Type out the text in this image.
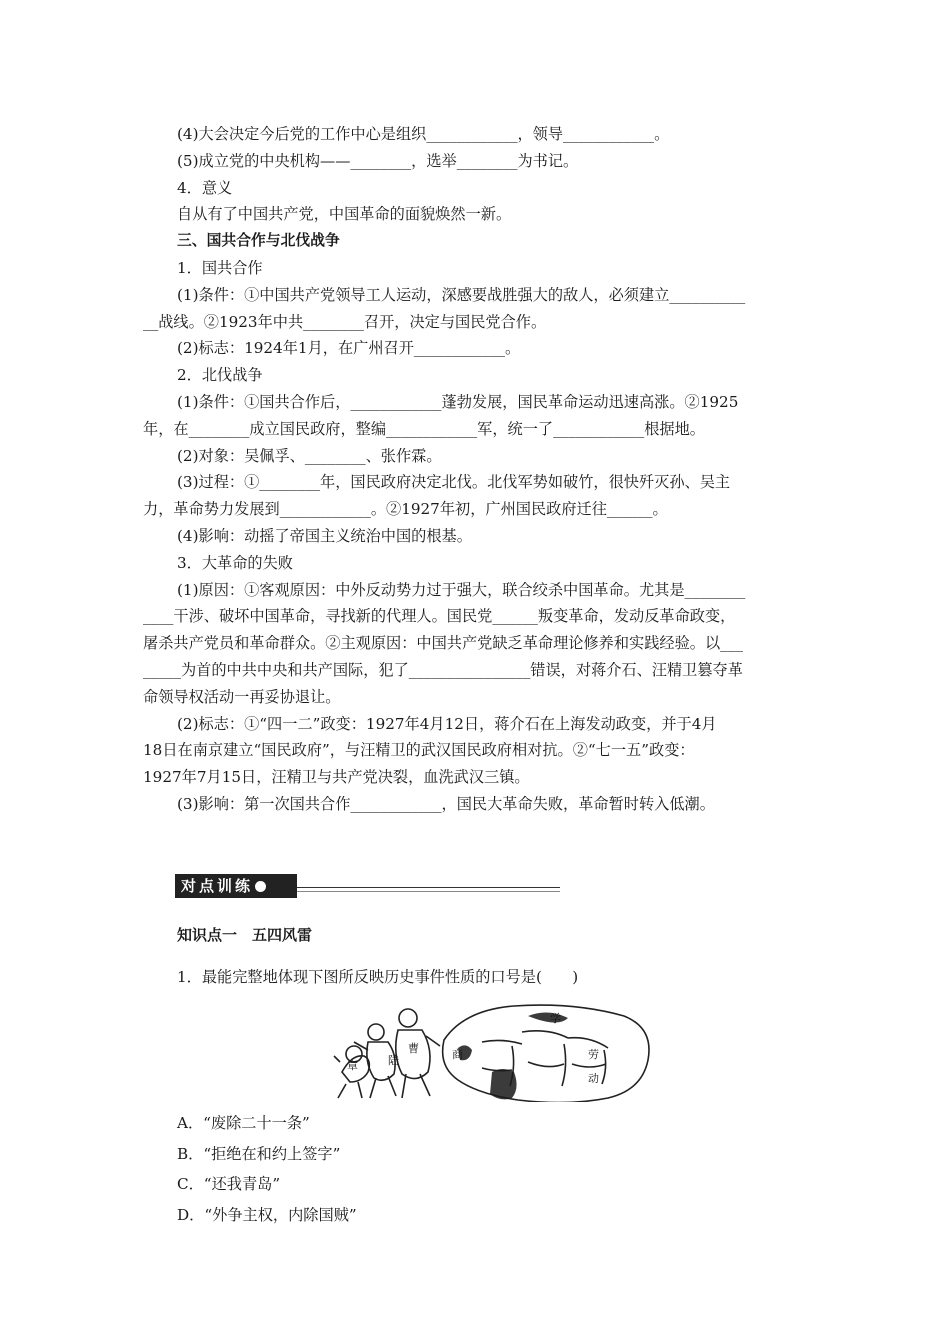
(4)大会决定今后党的工作中心是组织____________，领导____________。

(5)成立党的中央机构——________，选举________为书记。

4．意义

自从有了中国共产党，中国革命的面貌焕然一新。

三、国共合作与北伐战争

1．国共合作

(1)条件：①中国共产党领导工人运动，深感要战胜强大的敌人，必须建立__________

__战线。②1923年中共________召开，决定与国民党合作。

(2)标志：1924年1月，在广州召开____________。

2．北伐战争

(1)条件：①国共合作后，____________蓬勃发展，国民革命运动迅速高涨。②1925

年，在________成立国民政府，整编____________军，统一了____________根据地。

(2)对象：吴佩孚、________、张作霖。

(3)过程：①________年，国民政府决定北伐。北伐军势如破竹，很快歼灭孙、吴主

力，革命势力发展到____________。②1927年初，广州国民政府迁往______。

(4)影响：动摇了帝国主义统治中国的根基。

3．大革命的失败

(1)原因：①客观原因：中外反动势力过于强大，联合绞杀中国革命。尤其是________

____干涉、破坏中国革命，寻找新的代理人。国民党______叛变革命，发动反革命政变，

屠杀共产党员和革命群众。②主观原因：中国共产党缺乏革命理论修养和实践经验。以___

_____为首的中共中央和共产国际，犯了________________错误，对蒋介石、汪精卫篡夺革

命领导权活动一再妥协退让。

(2)标志：①“四一二”政变：1927年4月12日，蒋介石在上海发动政变，并于4月

18日在南京建立“国民政府”，与汪精卫的武汉国民政府相对抗。②“七一五”政变：

1927年7月15日，汪精卫与共产党决裂，血洗武汉三镇。

(3)影响：第一次国共合作____________，国民大革命失败，革命暂时转入低潮。

对点训练
知识点一　五四风雷
1．最能完整地体现下图所反映历史事件性质的口号是(　　)
章	陆
曹	商
学
劳
动
A．“废除二十一条”
B．“拒绝在和约上签字”
C．“还我青岛”
D．“外争主权，内除国贼”
